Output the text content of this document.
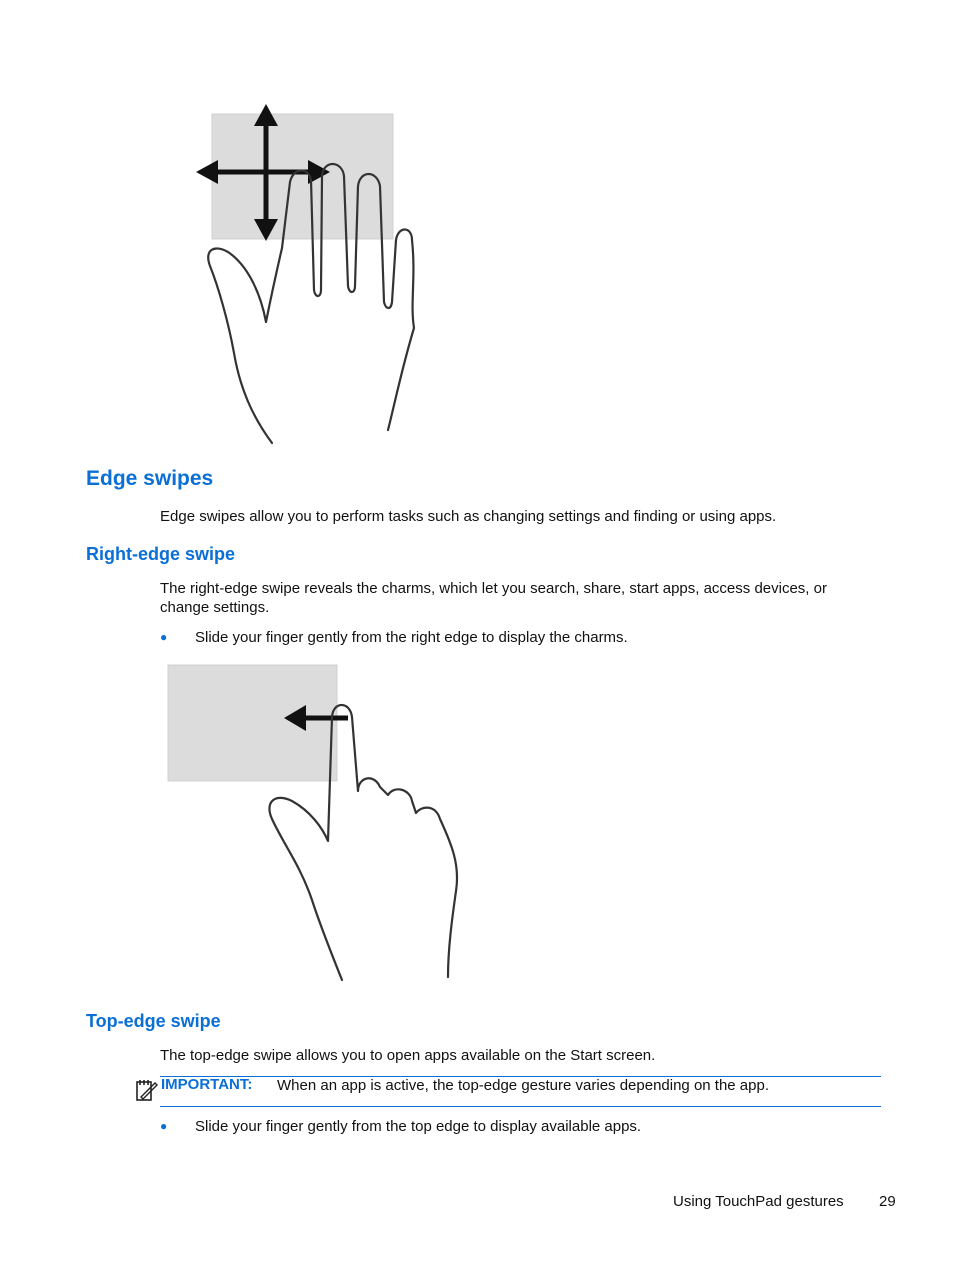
Edge swipes
Edge swipes allow you to perform tasks such as changing settings and finding or using apps.
Right-edge swipe
The right-edge swipe reveals the charms, which let you search, share, start apps, access devices, or
change settings.
● Slide your finger gently from the right edge to display the charms.
Top-edge swipe
The top-edge swipe allows you to open apps available on the Start screen.
IMPORTANT: When an app is active, the top-edge gesture varies depending on the app.
● Slide your finger gently from the top edge to display available apps.
Using TouchPad gestures 29
